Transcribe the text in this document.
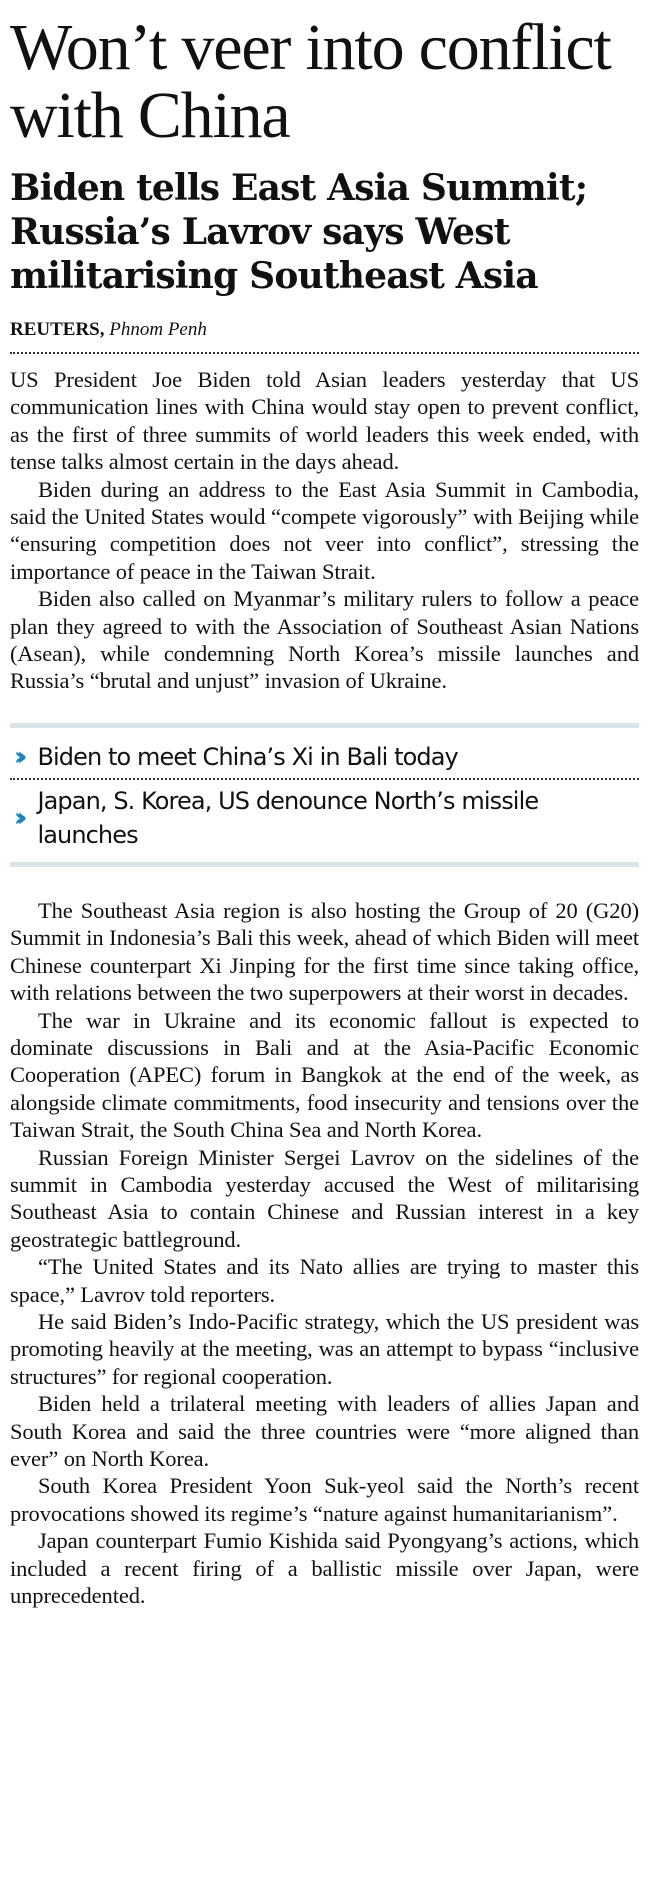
Won’t veer into conflict with China
Biden tells East Asia Summit; Russia’s Lavrov says West militarising Southeast Asia
REUTERS, Phnom Penh

US President Joe Biden told Asian leaders yesterday that US communication lines with China would stay open to prevent conflict, as the first of three summits of world leaders this week ended, with tense talks almost certain in the days ahead.

Biden during an address to the East Asia Summit in Cambodia, said the United States would “compete vigorously” with Beijing while “ensuring competition does not veer into conflict”, stressing the importance of peace in the Taiwan Strait.

Biden also called on Myanmar’s military rulers to follow a peace plan they agreed to with the Association of Southeast Asian Nations (Asean), while condemning North Korea’s missile launches and Russia’s “brutal and unjust” invasion of Ukraine.

›› Biden to meet China’s Xi in Bali today
››
Japan, S. Korea, US denounce North’s missile launches

The Southeast Asia region is also hosting the Group of 20 (G20) Summit in Indonesia’s Bali this week, ahead of which Biden will meet Chinese counterpart Xi Jinping for the first time since taking office, with relations between the two superpowers at their worst in decades.

The war in Ukraine and its economic fallout is expected to dominate discussions in Bali and at the Asia-Pacific Economic Cooperation (APEC) forum in Bangkok at the end of the week, as alongside climate commitments, food insecurity and tensions over the Taiwan Strait, the South China Sea and North Korea.

Russian Foreign Minister Sergei Lavrov on the sidelines of the summit in Cambodia yesterday accused the West of militarising Southeast Asia to contain Chinese and Russian interest in a key geostrategic battleground.

“The United States and its Nato allies are trying to master this space,” Lavrov told reporters.

He said Biden’s Indo-Pacific strategy, which the US president was promoting heavily at the meeting, was an attempt to bypass “inclusive structures” for regional cooperation.

Biden held a trilateral meeting with leaders of allies Japan and South Korea and said the three countries were “more aligned than ever” on North Korea.

South Korea President Yoon Suk-yeol said the North’s recent provocations showed its regime’s “nature against humanitarianism”.

Japan counterpart Fumio Kishida said Pyongyang’s actions, which included a recent firing of a ballistic missile over Japan, were unprecedented.
